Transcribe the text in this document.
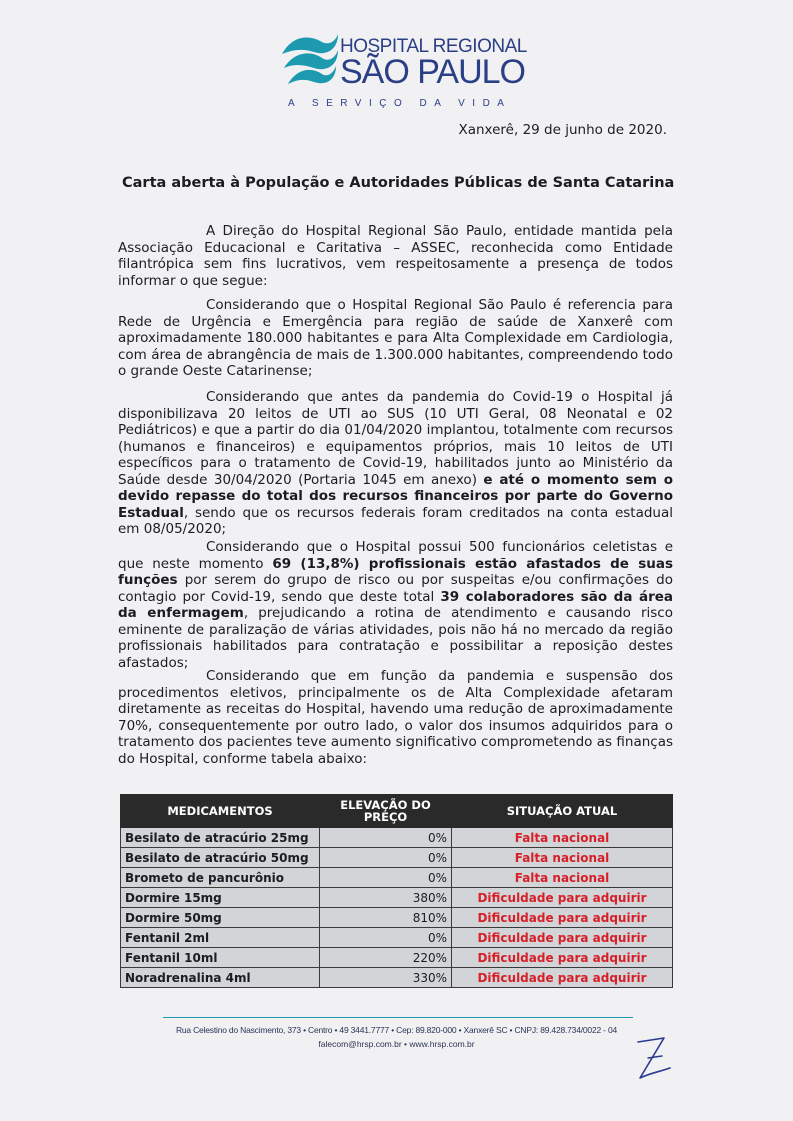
HOSPITAL REGIONAL
SÃO PAULO
A SERVIÇO DA VIDA
Xanxerê, 29 de junho de 2020.
Carta aberta à População e Autoridades Públicas de Santa Catarina
A Direção do Hospital Regional São Paulo, entidade mantida pela Associação Educacional e Caritativa – ASSEC, reconhecida como Entidade filantrópica sem fins lucrativos, vem respeitosamente a presença de todos informar o que segue:
Considerando que o Hospital Regional São Paulo é referencia para Rede de Urgência e Emergência para região de saúde de Xanxerê com aproximadamente 180.000 habitantes e para Alta Complexidade em Cardiologia, com área de abrangência de mais de 1.300.000 habitantes, compreendendo todo o grande Oeste Catarinense;
Considerando que antes da pandemia do Covid-19 o Hospital já disponibilizava 20 leitos de UTI ao SUS (10 UTI Geral, 08 Neonatal e 02 Pediátricos) e que a partir do dia 01/04/2020 implantou, totalmente com recursos (humanos e financeiros) e equipamentos próprios, mais 10 leitos de UTI específicos para o tratamento de Covid-19, habilitados junto ao Ministério da Saúde desde 30/04/2020 (Portaria 1045 em anexo) e até o momento sem o devido repasse do total dos recursos financeiros por parte do Governo Estadual, sendo que os recursos federais foram creditados na conta estadual em 08/05/2020;
Considerando que o Hospital possui 500 funcionários celetistas e que neste momento 69 (13,8%) profissionais estão afastados de suas funções por serem do grupo de risco ou por suspeitas e/ou confirmações do contagio por Covid-19, sendo que deste total 39 colaboradores são da área da enfermagem, prejudicando a rotina de atendimento e causando risco eminente de paralização de várias atividades, pois não há no mercado da região profissionais habilitados para contratação e possibilitar a reposição destes afastados;
Considerando que em função da pandemia e suspensão dos procedimentos eletivos, principalmente os de Alta Complexidade afetaram diretamente as receitas do Hospital, havendo uma redução de aproximadamente 70%, consequentemente por outro lado, o valor dos insumos adquiridos para o tratamento dos pacientes teve aumento significativo comprometendo as finanças do Hospital, conforme tabela abaixo:
MEDICAMENTOS	ELEVAÇÃO DO PREÇO	SITUAÇÃO ATUAL
Besilato de atracúrio 25mg	0%	Falta nacional
Besilato de atracúrio 50mg	0%	Falta nacional
Brometo de pancurônio	0%	Falta nacional
Dormire 15mg	380%	Dificuldade para adquirir
Dormire 50mg	810%	Dificuldade para adquirir
Fentanil 2ml	0%	Dificuldade para adquirir
Fentanil 10ml	220%	Dificuldade para adquirir
Noradrenalina 4ml	330%	Dificuldade para adquirir
Rua Celestino do Nascimento, 373 • Centro • 49 3441.7777 • Cep: 89.820-000 • Xanxerê SC • CNPJ: 89.428.734/0022 - 04
falecom@hrsp.com.br • www.hrsp.com.br
